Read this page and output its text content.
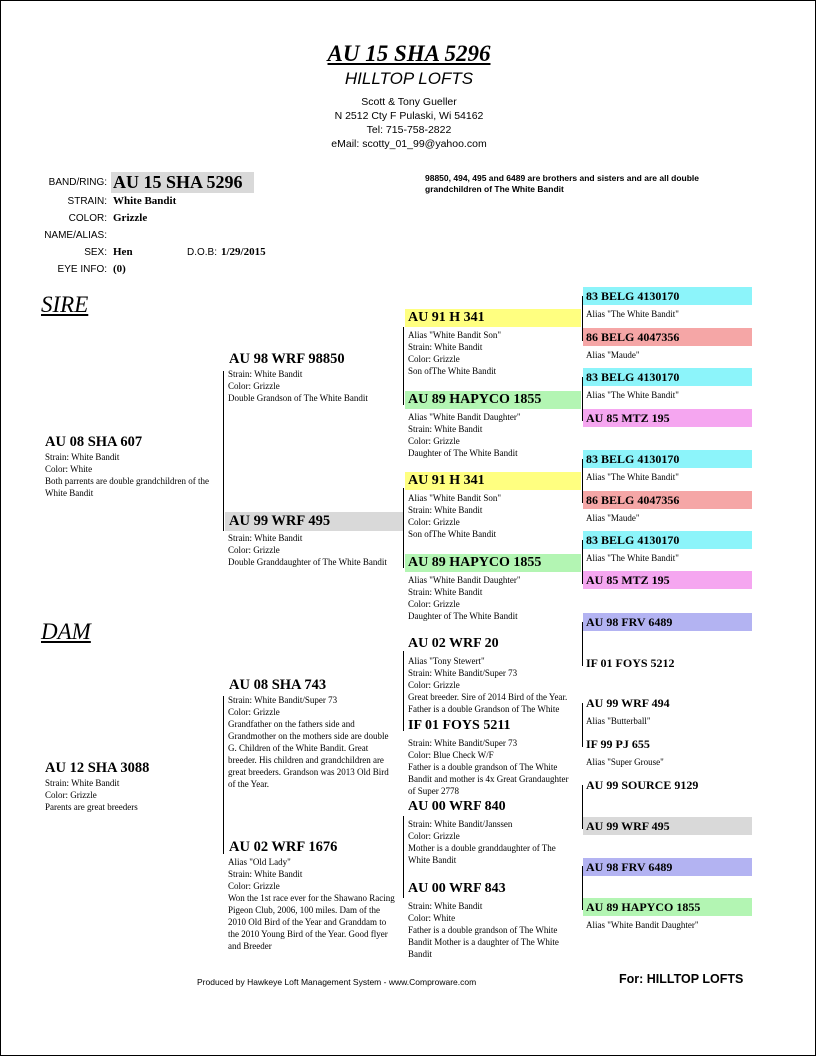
AU 15 SHA 5296
HILLTOP LOFTS
Scott & Tony Gueller
N 2512 Cty F Pulaski, Wi 54162
Tel: 715-758-2822
eMail: scotty_01_99@yahoo.com
BAND/RING: AU 15 SHA 5296
STRAIN: White Bandit
COLOR: Grizzle
NAME/ALIAS:
SEX: Hen	D.O.B: 1/29/2015
EYE INFO: (0)
98850, 494, 495 and 6489 are brothers and sisters and are all double grandchildren of The White Bandit
SIRE
DAM
AU 08 SHA 607
Strain: White Bandit
Color: White
Both parrents are double grandchildren of the
White Bandit
AU 12 SHA 3088
Strain: White Bandit
Color: Grizzle
Parents are great breeders
AU 98 WRF 98850
Strain: White Bandit
Color: Grizzle
Double Grandson of The White Bandit
AU 99 WRF 495
Strain: White Bandit
Color: Grizzle
Double Granddaughter of The White Bandit
AU 08 SHA 743
Strain: White Bandit/Super 73
Color: Grizzle
Grandfather on the fathers side and
Grandmother on the mothers side are double
G. Children of the White Bandit. Great
breeder. His children and grandchildren are
great breeders. Grandson was 2013 Old Bird
of the Year.
AU 02 WRF 1676
Alias "Old Lady"
Strain: White Bandit
Color: Grizzle
Won the 1st race ever for the Shawano Racing
Pigeon Club, 2006, 100 miles. Dam of the
2010 Old Bird of the Year and Granddam to
the 2010 Young Bird of the Year. Good flyer
and Breeder
AU 91 H 341
Alias "White Bandit Son"
Strain: White Bandit
Color: Grizzle
Son ofThe White Bandit
AU 89 HAPYCO 1855
Alias "White Bandit Daughter"
Strain: White Bandit
Color: Grizzle
Daughter of The White Bandit
AU 91 H 341
Alias "White Bandit Son"
Strain: White Bandit
Color: Grizzle
Son ofThe White Bandit
AU 89 HAPYCO 1855
Alias "White Bandit Daughter"
Strain: White Bandit
Color: Grizzle
Daughter of The White Bandit
AU 02 WRF 20
Alias "Tony Stewert"
Strain: White Bandit/Super 73
Color: Grizzle
Great breeder. Sire of 2014 Bird of the Year.
Father is a double Grandson of The White
IF 01 FOYS 5211
Strain: White Bandit/Super 73
Color: Blue Check W/F
Father is a double grandson of The White
Bandit and mother is 4x Great Grandaughter
of Super 2778
AU 00 WRF 840
Strain: White Bandit/Janssen
Color: Grizzle
Mother is a double granddaughter of The
White Bandit
AU 00 WRF 843
Strain: White Bandit
Color: White
Father is a double grandson of The White
Bandit Mother is a daughter of The White
Bandit
83 BELG 4130170
Alias "The White Bandit"
86 BELG 4047356
Alias "Maude"
83 BELG 4130170
Alias "The White Bandit"
AU 85 MTZ 195
83 BELG 4130170
Alias "The White Bandit"
86 BELG 4047356
Alias "Maude"
83 BELG 4130170
Alias "The White Bandit"
AU 85 MTZ 195
AU 98 FRV 6489
IF 01 FOYS 5212
AU 99 WRF 494
Alias "Butterball"
IF 99 PJ 655
Alias "Super Grouse"
AU 99 SOURCE 9129
AU 99 WRF 495
AU 98 FRV 6489
AU 89 HAPYCO 1855
Alias "White Bandit Daughter"
Produced by Hawkeye Loft Management System - www.Comproware.com	For: HILLTOP LOFTS
